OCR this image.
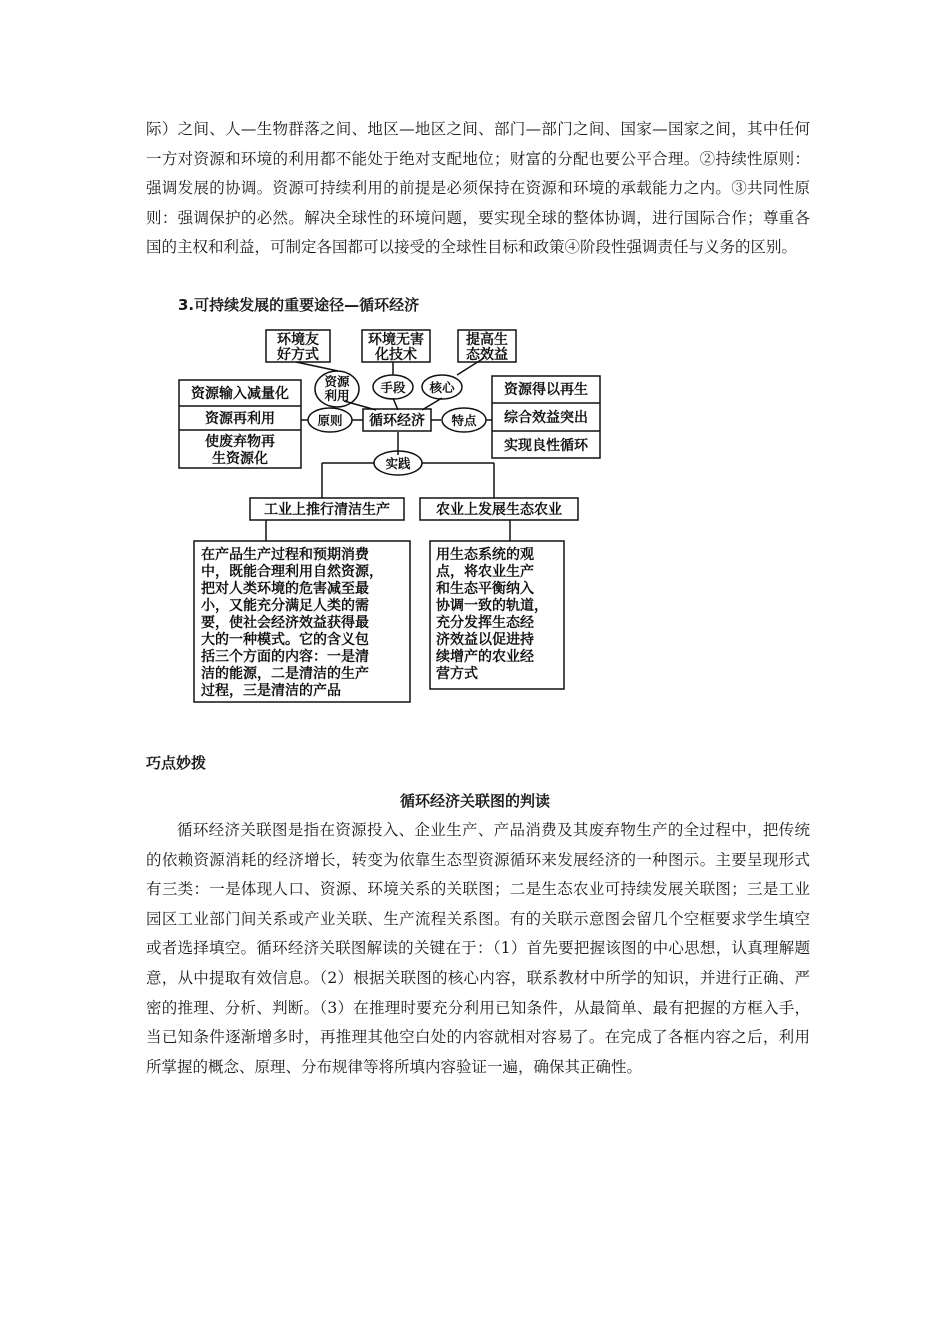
际）之间、人—生物群落之间、地区—地区之间、部门—部门之间、国家—国家之间，其中任何一方对资源和环境的利用都不能处于绝对支配地位；财富的分配也要公平合理。②持续性原则：强调发展的协调。资源可持续利用的前提是必须保持在资源和环境的承载能力之内。③共同性原则：强调保护的必然。解决全球性的环境问题，要实现全球的整体协调，进行国际合作；尊重各国的主权和利益，可制定各国都可以接受的全球性目标和政策④阶段性强调责任与义务的区别。

3.可持续发展的重要途径—循环经济
环境友
好方式
环境无害
化技术
提高生
态效益
资源
利用
手段 核心
原则	特点
实践
循环经济
资源输入减量化
资源再利用
使废弃物再
生资源化
资源得以再生
综合效益突出
实现良性循环
工业上推行清洁生产	农业上发展生态农业
在产品生产过程和预期消费
中，既能合理利用自然资源，
把对人类环境的危害减至最
小，又能充分满足人类的需
要，使社会经济效益获得最
大的一种模式。它的含义包
括三个方面的内容：一是清
洁的能源，二是清洁的生产
过程，三是清洁的产品
用生态系统的观
点，将农业生产
和生态平衡纳入
协调一致的轨道，
充分发挥生态经
济效益以促进持
续增产的农业经
营方式
巧点妙拨
循环经济关联图的判读

循环经济关联图是指在资源投入、企业生产、产品消费及其废弃物生产的全过程中，把传统的依赖资源消耗的经济增长，转变为依靠生态型资源循环来发展经济的一种图示。主要呈现形式有三类：一是体现人口、资源、环境关系的关联图；二是生态农业可持续发展关联图；三是工业园区工业部门间关系或产业关联、生产流程关系图。有的关联示意图会留几个空框要求学生填空或者选择填空。循环经济关联图解读的关键在于：（1）首先要把握该图的中心思想，认真理解题意，从中提取有效信息。（2）根据关联图的核心内容，联系教材中所学的知识，并进行正确、严密的推理、分析、判断。（3）在推理时要充分利用已知条件，从最简单、最有把握的方框入手，当已知条件逐渐增多时，再推理其他空白处的内容就相对容易了。在完成了各框内容之后，利用所掌握的概念、原理、分布规律等将所填内容验证一遍，确保其正确性。
